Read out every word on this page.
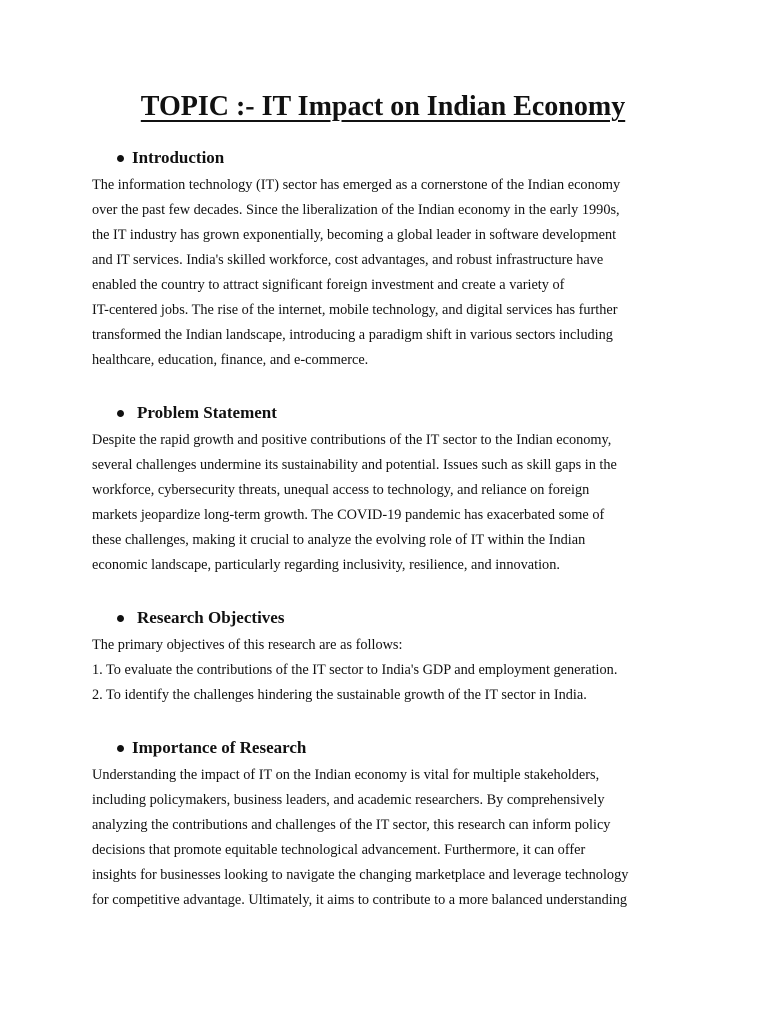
TOPIC :- IT Impact on Indian Economy
Introduction
The information technology (IT) sector has emerged as a cornerstone of the Indian economy
over the past few decades. Since the liberalization of the Indian economy in the early 1990s,
the IT industry has grown exponentially, becoming a global leader in software development
and IT services. India's skilled workforce, cost advantages, and robust infrastructure have
enabled the country to attract significant foreign investment and create a variety of
IT-centered jobs. The rise of the internet, mobile technology, and digital services has further
transformed the Indian landscape, introducing a paradigm shift in various sectors including
healthcare, education, finance, and e-commerce.
Problem Statement
Despite the rapid growth and positive contributions of the IT sector to the Indian economy,
several challenges undermine its sustainability and potential. Issues such as skill gaps in the
workforce, cybersecurity threats, unequal access to technology, and reliance on foreign
markets jeopardize long-term growth. The COVID-19 pandemic has exacerbated some of
these challenges, making it crucial to analyze the evolving role of IT within the Indian
economic landscape, particularly regarding inclusivity, resilience, and innovation.
Research Objectives
The primary objectives of this research are as follows:
1. To evaluate the contributions of the IT sector to India's GDP and employment generation.
2. To identify the challenges hindering the sustainable growth of the IT sector in India.
Importance of Research
Understanding the impact of IT on the Indian economy is vital for multiple stakeholders,
including policymakers, business leaders, and academic researchers. By comprehensively
analyzing the contributions and challenges of the IT sector, this research can inform policy
decisions that promote equitable technological advancement. Furthermore, it can offer
insights for businesses looking to navigate the changing marketplace and leverage technology
for competitive advantage. Ultimately, it aims to contribute to a more balanced understanding
